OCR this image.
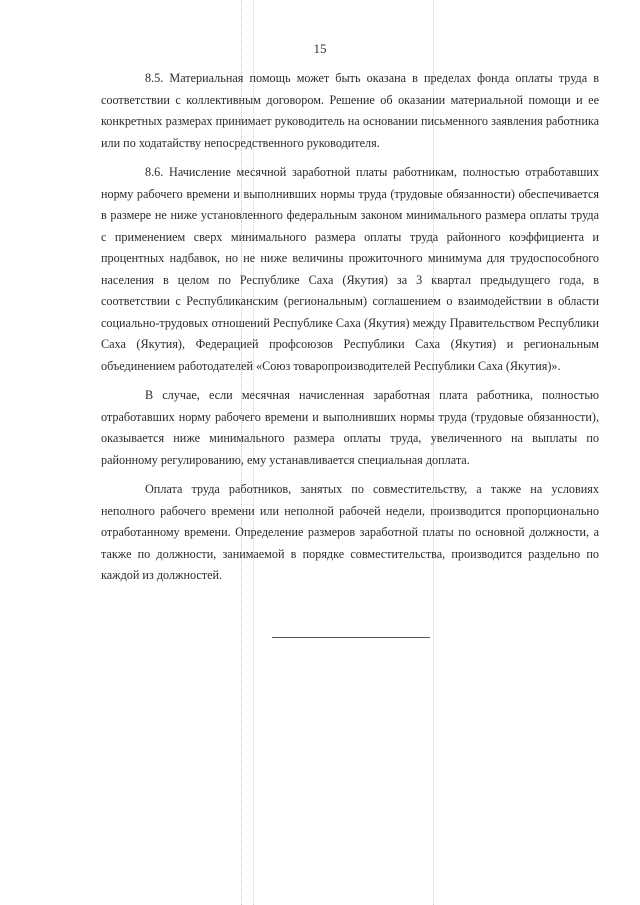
15

8.5. Материальная помощь может быть оказана в пределах фонда оплаты труда в соответствии с коллективным договором. Решение об оказании материальной помощи и ее конкретных размерах принимает руководитель на основании письменного заявления работника или по ходатайству непосредственного руководителя.

8.6. Начисление месячной заработной платы работникам, полностью отработавших норму рабочего времени и выполнивших нормы труда (трудовые обязанности) обеспечивается в размере не ниже установленного федеральным законом минимального размера оплаты труда с применением сверх минимального размера оплаты труда районного коэффициента и процентных надбавок, но не ниже величины прожиточного минимума для трудоспособного населения в целом по Республике Саха (Якутия) за 3 квартал предыдущего года, в соответствии с Республиканским (региональным) соглашением о взаимодействии в области социально-трудовых отношений Республике Саха (Якутия) между Правительством Республики Саха (Якутия), Федерацией профсоюзов Республики Саха (Якутия) и региональным объединением работодателей «Союз товаропроизводителей Республики Саха (Якутия)».

В случае, если месячная начисленная заработная плата работника, полностью отработавших норму рабочего времени и выполнивших нормы труда (трудовые обязанности), оказывается ниже минимального размера оплаты труда, увеличенного на выплаты по районному регулированию, ему устанавливается специальная доплата.

Оплата труда работников, занятых по совместительству, а также на условиях неполного рабочего времени или неполной рабочей недели, производится пропорционально отработанному времени. Определение размеров заработной платы по основной должности, а также по должности, занимаемой в порядке совместительства, производится раздельно по каждой из должностей.
